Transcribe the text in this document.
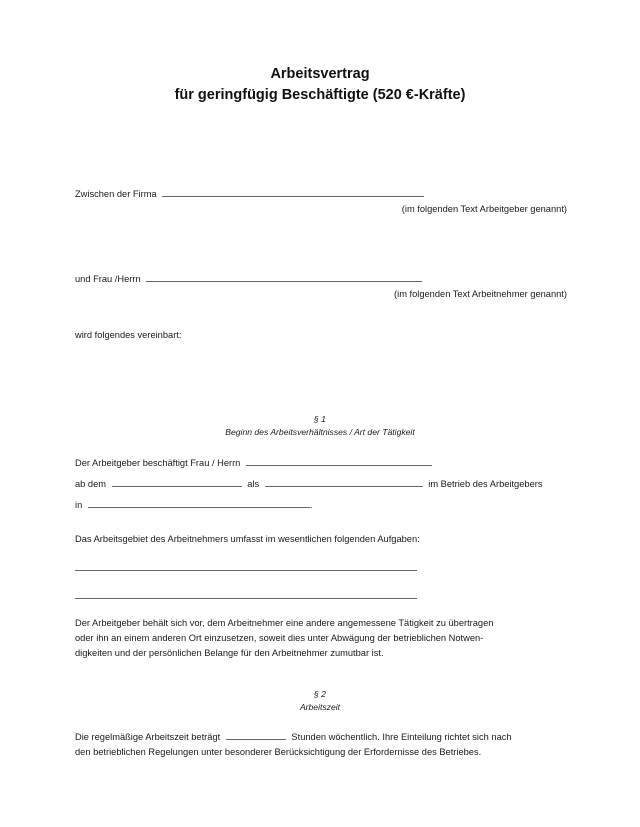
Arbeitsvertrag
für geringfügig Beschäftigte (520 €-Kräfte)
Zwischen der Firma
(im folgenden Text Arbeitgeber genannt)
und Frau /Herrn
(im folgenden Text Arbeitnehmer genannt)
wird folgendes vereinbart:
§ 1
Beginn des Arbeitsverhältnisses / Art der Tätigkeit
Der Arbeitgeber beschäftigt Frau / Herrn
ab dem	als	im Betrieb des Arbeitgebers
in	.
Das Arbeitsgebiet des Arbeitnehmers umfasst im wesentlichen folgenden Aufgaben:
Der Arbeitgeber behält sich vor, dem Arbeitnehmer eine andere angemessene Tätigkeit zu übertragen
oder ihn an einem anderen Ort einzusetzen, soweit dies unter Abwägung der betrieblichen Notwen-
digkeiten und der persönlichen Belange für den Arbeitnehmer zumutbar ist.
§ 2
Arbeitszeit
Die regelmäßige Arbeitszeit beträgt	Stunden wöchentlich. Ihre Einteilung richtet sich nach
den betrieblichen Regelungen unter besonderer Berücksichtigung der Erfordernisse des Betriebes.
